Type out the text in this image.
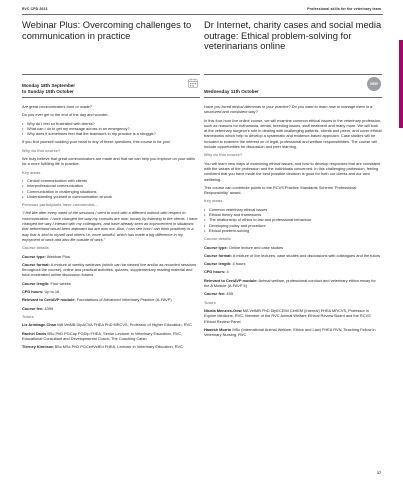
RVC CPD 2023	Professional skills for the veterinary team
Webinar Plus: Overcoming challenges to communication in practice
Monday 18th September
to Sunday 15th October

Are great communicators born or made?

Do you ever get to the end of the day and wonder...

• Why do I feel so frustrated with clients?
• What can I do to get my message across in an emergency?
• Why does it sometimes feel that the teamwork in my practice is a struggle?

If you find yourself nodding your head to any of these questions, this course is for you!

Why do this course?

We truly believe that great communicators are made and that we can help you improve on your skills for a more fulfilling life in practice.

Key areas

• Clinical communication with clients
• Interprofessional communication
• Communication in challenging situations
• Understanding yourself in communication at work

Previous participants have commented...

"I felt like after every week of the sessions I went to work with a different outlook with respect to communication. I have changed the way my consults are now, mostly by listening to the clients. I have changed the way I interact with my colleagues, and have already seen an improvement in situations that beforehand would been awkward but are now not. Also, I can see how I can think positively in a way that is kind to myself and others i.e. more mindful, which has made a big difference in my enjoyment of work and also life outside of work."

Course details

Course type: Webinar Plus

Course format: A mixture of weekly webinars (which can be viewed live and/or as recorded sessions throughout the course), online and practical activities, quizzes, supplementary reading material and tutor-moderated online discussion forums

Course length: Four weeks

CPD hours: Up to 16

Relevant to CertAVP module: Foundations of Advanced Veterinary Practice (A-FAVP)

Course fee: £399

Tutors

Liz Armitage-Chan MA VetMB DipACVA FHEA PhD MRCVS, Professor of Higher Education, RVC

Rachel Davis BSc PhD PGCap PGDip FHEA, Senior Lecturer in Veterinary Education, RVC, Educational Consultant and Developmental Coach, The Coaching Cabin

Tierney Kinnison BSc MSc PhD PGCertVetEd FHEA, Lecturer in Veterinary Education, RVC

Dr Internet, charity cases and social media outrage: Ethical problem-solving for veterinarians online
Wednesday 11th October
NEW

Have you faced ethical dilemmas in your practice? Do you want to learn how to manage them in a structured and consistent way?

In this four-hour live online course, we will examine common ethical issues in the veterinary profession, such as reasons for euthanasia, dental, breeding issues, staff treatment and many more. We will look at the veterinary surgeon's role in dealing with challenging patients, clients and peers, and cover ethical frameworks which help to develop a systematic and evidence-based approach. Case studies will be included to examine the interest on of legal, professional and welfare responsibilities. The course will include opportunities for discussion and peer learning.

Why do this course?

You will learn new ways of examining ethical issues, and how to develop responses that are consistent with the values of the profession and the individuals concerned. In this challenging profession, feeling confident that you have made the best possible decision is good for both our clients and our own wellbeing.

This course can contribute points to the RCVS Practice Standards Scheme 'Professional Responsibility' award.

Key areas

• Common veterinary ethical issues
• Ethical theory and frameworks
• The relationship of ethics to law and professional behaviour
• Developing policy and procedure
• Ethical problem-solving

Course details

Course type: Online lecture and case studies

Course format: A mixture of live lectures, case studies and discussions with colleagues and the tutors

Course length: 4 hours

CPD hours: 4

Relevant to CertAVP module: Animal welfare, professional conduct and veterinary ethics essay for the A Module (A-FAVP 5)

Course fee: £95

Tutors

Nicola Menzies-Gow MA VetMB PhD DipECEIM CertEM (Internal) FHEA MRCVS, Professor in Equine Medicine, RVC, Member of the RVC Animal Welfare Ethical Review Board and the RCVS Ethical Review Panel

Hamish Morrin MSc (International Animal Welfare, Ethics and Law) FHEA RVN, Teaching Fellow in Veterinary Nursing, RVC

17
